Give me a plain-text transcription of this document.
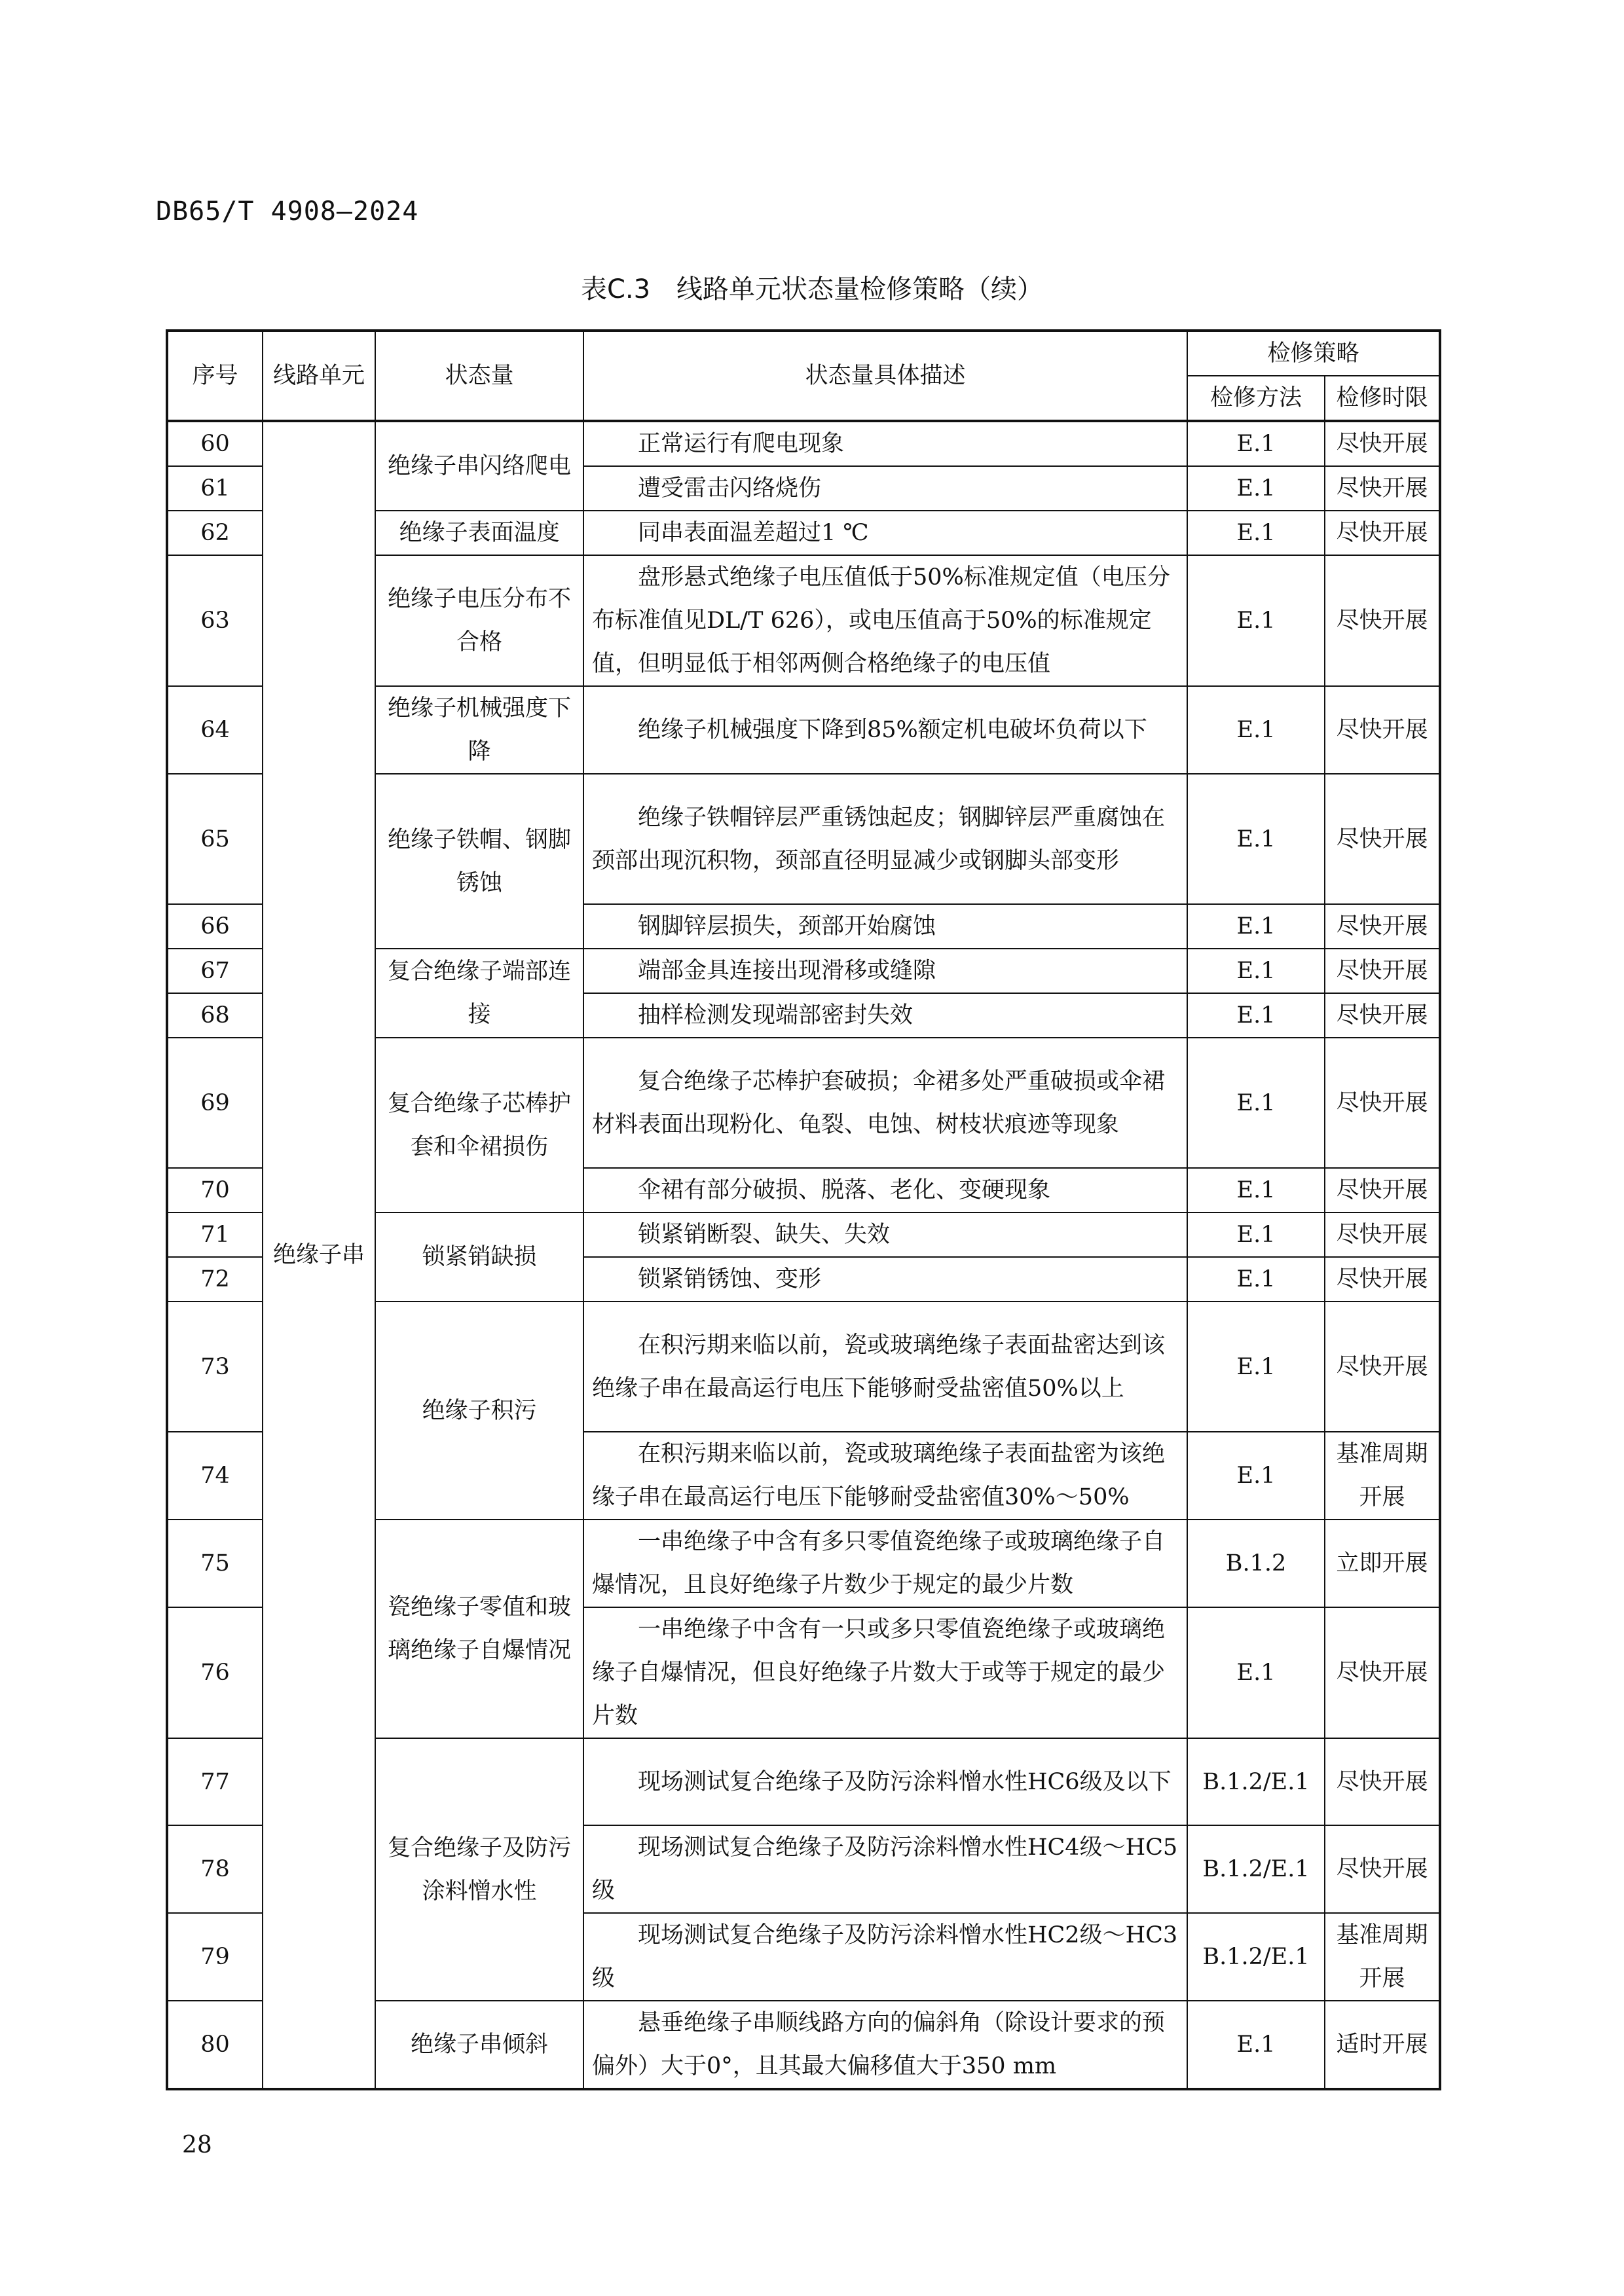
DB65/T 4908—2024
表C.3　线路单元状态量检修策略（续）
序号	线路单元	状态量	状态量具体描述	检修策略	
				检修方法	检修时限
60	绝缘子串	绝缘子串闪络爬电	正常运行有爬电现象	E.1	尽快开展
61			遭受雷击闪络烧伤	E.1	尽快开展
62		绝缘子表面温度	同串表面温差超过1 ℃	E.1	尽快开展
63		绝缘子电压分布不合格	盘形悬式绝缘子电压值低于50%标准规定值（电压分布标准值见DL/T 626），或电压值高于50%的标准规定值，但明显低于相邻两侧合格绝缘子的电压值	E.1	尽快开展
64		绝缘子机械强度下降	绝缘子机械强度下降到85%额定机电破坏负荷以下	E.1	尽快开展
65		绝缘子铁帽、钢脚锈蚀	绝缘子铁帽锌层严重锈蚀起皮；钢脚锌层严重腐蚀在颈部出现沉积物，颈部直径明显减少或钢脚头部变形	E.1	尽快开展
66			钢脚锌层损失，颈部开始腐蚀	E.1	尽快开展
67		复合绝缘子端部连接	端部金具连接出现滑移或缝隙	E.1	尽快开展
68			抽样检测发现端部密封失效	E.1	尽快开展
69		复合绝缘子芯棒护套和伞裙损伤	复合绝缘子芯棒护套破损；伞裙多处严重破损或伞裙材料表面出现粉化、龟裂、电蚀、树枝状痕迹等现象	E.1	尽快开展
70			伞裙有部分破损、脱落、老化、变硬现象	E.1	尽快开展
71		锁紧销缺损	锁紧销断裂、缺失、失效	E.1	尽快开展
72			锁紧销锈蚀、变形	E.1	尽快开展
73		绝缘子积污	在积污期来临以前，瓷或玻璃绝缘子表面盐密达到该绝缘子串在最高运行电压下能够耐受盐密值50%以上	E.1	尽快开展
74			在积污期来临以前，瓷或玻璃绝缘子表面盐密为该绝缘子串在最高运行电压下能够耐受盐密值30%～50%	E.1	基准周期开展
75		瓷绝缘子零值和玻璃绝缘子自爆情况	一串绝缘子中含有多只零值瓷绝缘子或玻璃绝缘子自爆情况，且良好绝缘子片数少于规定的最少片数	B.1.2	立即开展
76			一串绝缘子中含有一只或多只零值瓷绝缘子或玻璃绝缘子自爆情况，但良好绝缘子片数大于或等于规定的最少片数	E.1	尽快开展
77		复合绝缘子及防污涂料憎水性	现场测试复合绝缘子及防污涂料憎水性HC6级及以下	B.1.2/E.1	尽快开展
78			现场测试复合绝缘子及防污涂料憎水性HC4级～HC5级	B.1.2/E.1	尽快开展
79			现场测试复合绝缘子及防污涂料憎水性HC2级～HC3级	B.1.2/E.1	基准周期开展
80		绝缘子串倾斜	悬垂绝缘子串顺线路方向的偏斜角（除设计要求的预偏外）大于0°，且其最大偏移值大于350 mm	E.1	适时开展
28
